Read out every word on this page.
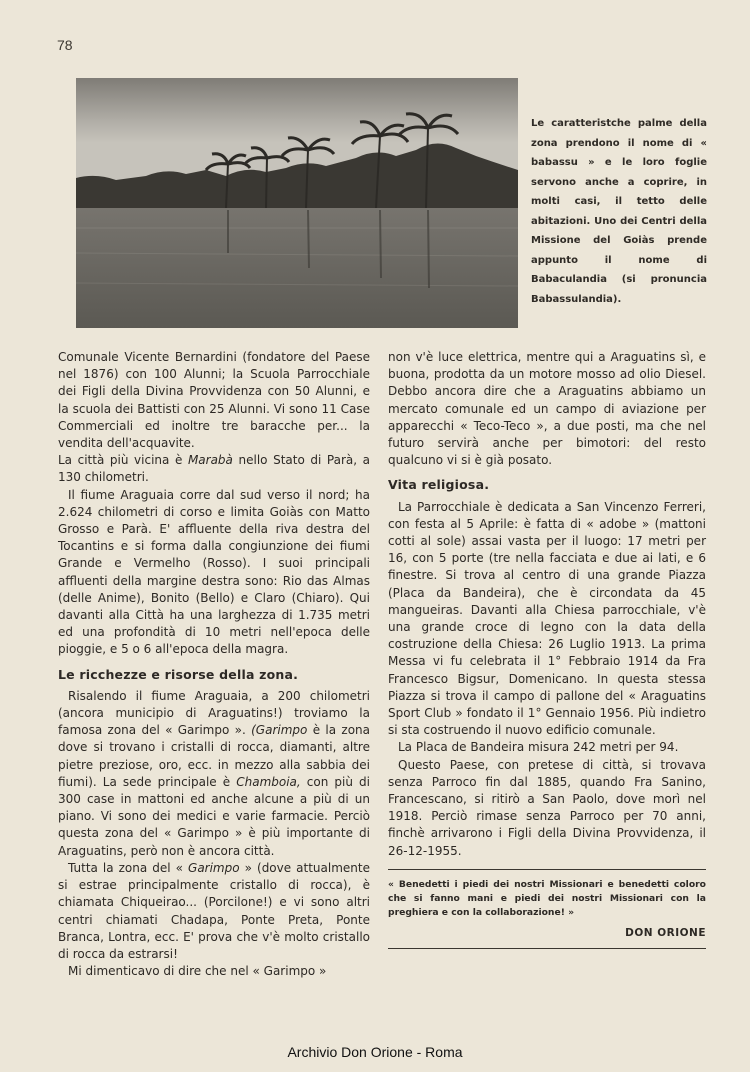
78
Le caratteristche palme della zona prendono il nome di « babassu » e le loro foglie servono anche a coprire, in molti casi, il tetto delle abitazioni. Uno dei Centri della Missione del Goiàs prende appunto il nome di Babaculandia (si pronuncia Babassulandia).

Comunale Vicente Bernardini (fondatore del Paese nel 1876) con 100 Alunni; la Scuola Parrocchiale dei Figli della Divina Provvidenza con 50 Alunni, e la scuola dei Battisti con 25 Alunni. Vi sono 11 Case Commerciali ed inoltre tre baracche per... la vendita dell'acquavite.

La città più vicina è Marabà nello Stato di Parà, a 130 chilometri.

Il fiume Araguaia corre dal sud verso il nord; ha 2.624 chilometri di corso e limita Goiàs con Matto Grosso e Parà. E' affluente della riva destra del Tocantins e si forma dalla congiunzione dei fiumi Grande e Vermelho (Rosso). I suoi principali affluenti della margine destra sono: Rio das Almas (delle Anime), Bonito (Bello) e Claro (Chiaro). Qui davanti alla Città ha una larghezza di 1.735 metri ed una profondità di 10 metri nell'epoca delle pioggie, e 5 o 6 all'epoca della magra.

Le ricchezze e risorse della zona.

Risalendo il fiume Araguaia, a 200 chilometri (ancora municipio di Araguatins!) troviamo la famosa zona del « Garimpo ». (Garimpo è la zona dove si trovano i cristalli di rocca, diamanti, altre pietre preziose, oro, ecc. in mezzo alla sabbia dei fiumi). La sede principale è Chamboia, con più di 300 case in mattoni ed anche alcune a più di un piano. Vi sono dei medici e varie farmacie. Perciò questa zona del « Garimpo » è più importante di Araguatins, però non è ancora città.

Tutta la zona del « Garimpo » (dove attualmente si estrae principalmente cristallo di rocca), è chiamata Chiqueirao... (Porcilone!) e vi sono altri centri chiamati Chadapa, Ponte Preta, Ponte Branca, Lontra, ecc. E' prova che v'è molto cristallo di rocca da estrarsi!

Mi dimenticavo di dire che nel « Garimpo »

non v'è luce elettrica, mentre qui a Araguatins sì, e buona, prodotta da un motore mosso ad olio Diesel. Debbo ancora dire che a Araguatins abbiamo un mercato comunale ed un campo di aviazione per apparecchi « Teco-Teco », a due posti, ma che nel futuro servirà anche per bimotori: del resto qualcuno vi si è già posato.

Vita religiosa.

La Parrocchiale è dedicata a San Vincenzo Ferreri, con festa al 5 Aprile: è fatta di « adobe » (mattoni cotti al sole) assai vasta per il luogo: 17 metri per 16, con 5 porte (tre nella facciata e due ai lati, e 6 finestre. Si trova al centro di una grande Piazza (Placa da Bandeira), che è circondata da 45 mangueiras. Davanti alla Chiesa parrocchiale, v'è una grande croce di legno con la data della costruzione della Chiesa: 26 Luglio 1913. La prima Messa vi fu celebrata il 1° Febbraio 1914 da Fra Francesco Bigsur, Domenicano. In questa stessa Piazza si trova il campo di pallone del « Araguatins Sport Club » fondato il 1° Gennaio 1956. Più indietro si sta costruendo il nuovo edificio comunale.

La Placa de Bandeira misura 242 metri per 94.

Questo Paese, con pretese di città, si trovava senza Parroco fin dal 1885, quando Fra Sanino, Francescano, si ritirò a San Paolo, dove morì nel 1918. Perciò rimase senza Parroco per 70 anni, finchè arrivarono i Figli della Divina Provvidenza, il 26-12-1955.

« Benedetti i piedi dei nostri Missionari e benedetti coloro che si fanno mani e piedi dei nostri Missionari con la preghiera e con la collaborazione! »
DON ORIONE
Archivio Don Orione - Roma
